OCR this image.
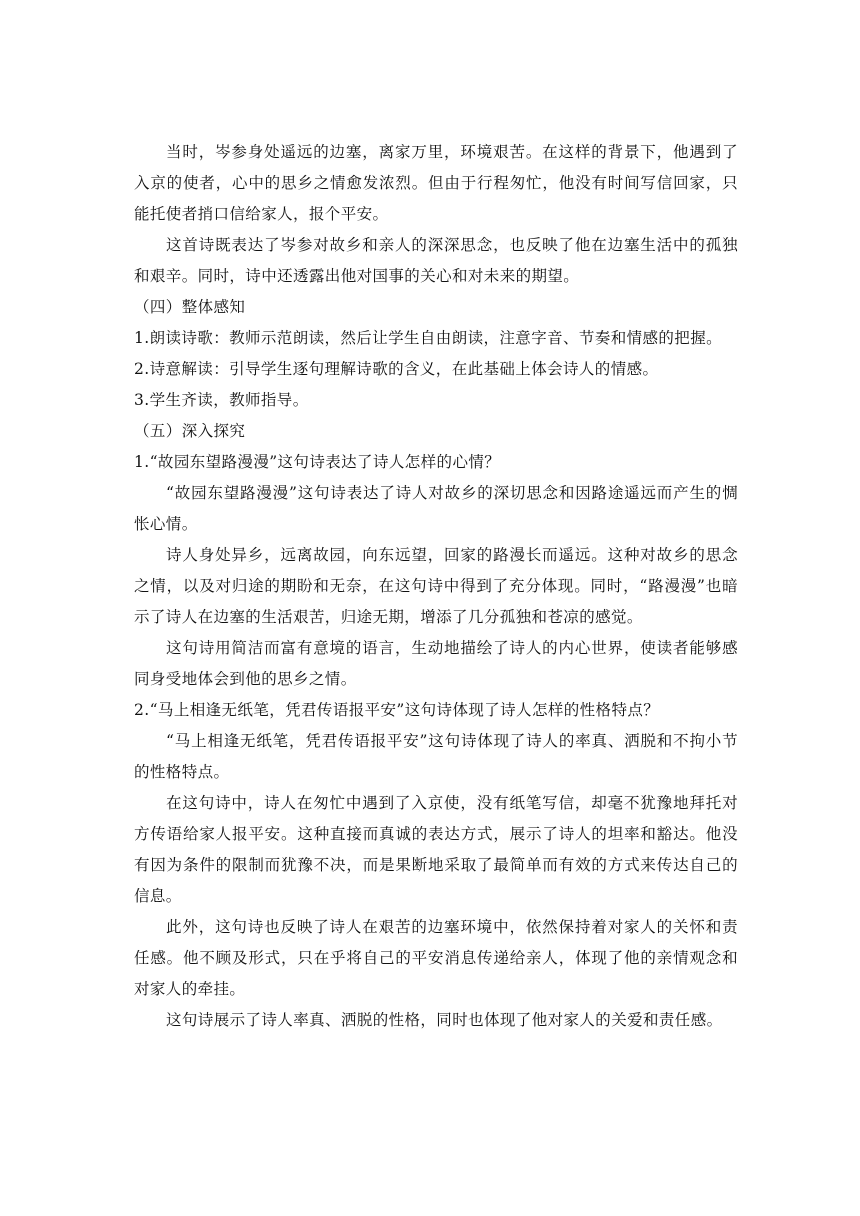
当时，岑参身处遥远的边塞，离家万里，环境艰苦。在这样的背景下，他遇到了入京的使者，心中的思乡之情愈发浓烈。但由于行程匆忙，他没有时间写信回家，只能托使者捎口信给家人，报个平安。

这首诗既表达了岑参对故乡和亲人的深深思念，也反映了他在边塞生活中的孤独和艰辛。同时，诗中还透露出他对国事的关心和对未来的期望。

（四）整体感知

1.朗读诗歌：教师示范朗读，然后让学生自由朗读，注意字音、节奏和情感的把握。

2.诗意解读：引导学生逐句理解诗歌的含义，在此基础上体会诗人的情感。

3.学生齐读，教师指导。

（五）深入探究

1.“故园东望路漫漫”这句诗表达了诗人怎样的心情？

“故园东望路漫漫”这句诗表达了诗人对故乡的深切思念和因路途遥远而产生的惆怅心情。

诗人身处异乡，远离故园，向东远望，回家的路漫长而遥远。这种对故乡的思念之情，以及对归途的期盼和无奈，在这句诗中得到了充分体现。同时，“路漫漫”也暗示了诗人在边塞的生活艰苦，归途无期，增添了几分孤独和苍凉的感觉。

这句诗用简洁而富有意境的语言，生动地描绘了诗人的内心世界，使读者能够感同身受地体会到他的思乡之情。

2.“马上相逢无纸笔，凭君传语报平安”这句诗体现了诗人怎样的性格特点？

“马上相逢无纸笔，凭君传语报平安”这句诗体现了诗人的率真、洒脱和不拘小节的性格特点。

在这句诗中，诗人在匆忙中遇到了入京使，没有纸笔写信，却毫不犹豫地拜托对方传语给家人报平安。这种直接而真诚的表达方式，展示了诗人的坦率和豁达。他没有因为条件的限制而犹豫不决，而是果断地采取了最简单而有效的方式来传达自己的信息。

此外，这句诗也反映了诗人在艰苦的边塞环境中，依然保持着对家人的关怀和责任感。他不顾及形式，只在乎将自己的平安消息传递给亲人，体现了他的亲情观念和对家人的牵挂。

这句诗展示了诗人率真、洒脱的性格，同时也体现了他对家人的关爱和责任感。
